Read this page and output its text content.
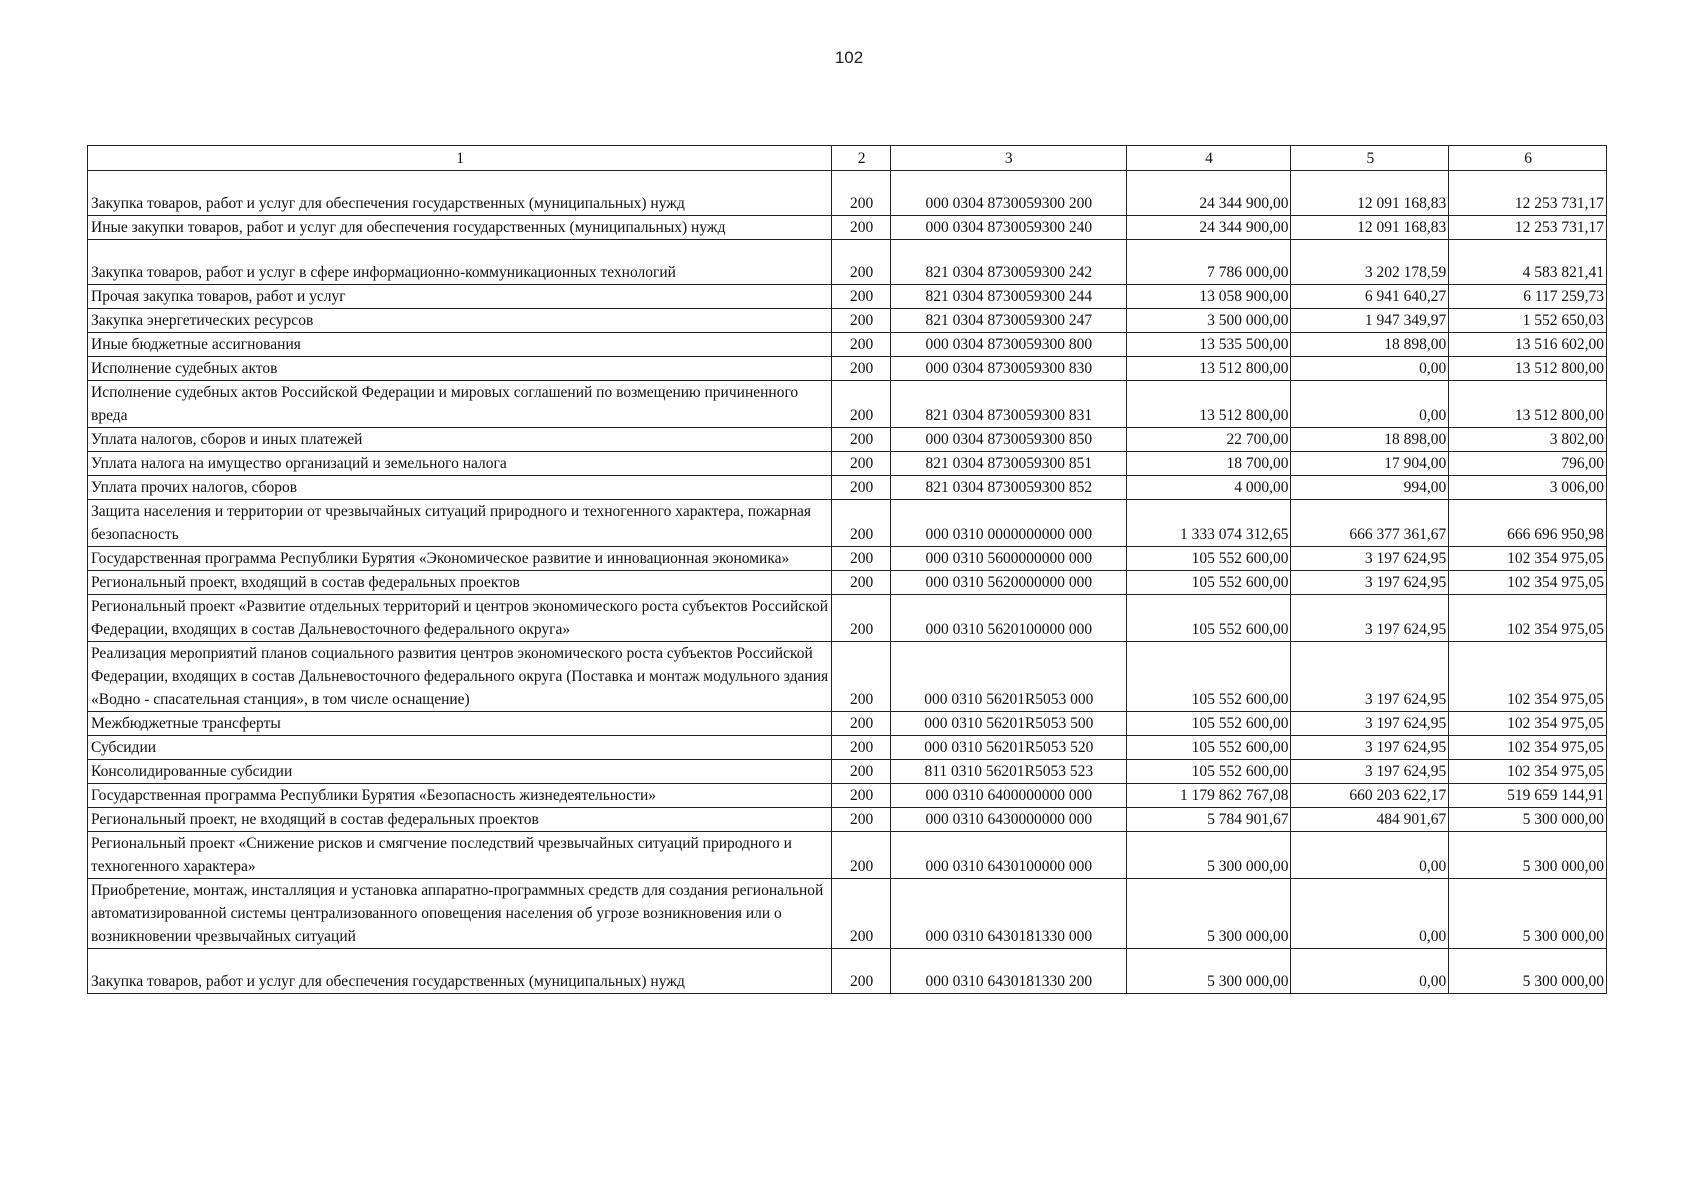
102
1	2	3	4	5	6
Закупка товаров, работ и услуг для обеспечения государственных (муниципальных) нужд	200	000 0304 8730059300 200	24 344 900,00	12 091 168,83	12 253 731,17
Иные закупки товаров, работ и услуг для обеспечения государственных (муниципальных) нужд	200	000 0304 8730059300 240	24 344 900,00	12 091 168,83	12 253 731,17
Закупка товаров, работ и услуг в сфере информационно-коммуникационных технологий	200	821 0304 8730059300 242	7 786 000,00	3 202 178,59	4 583 821,41
Прочая закупка товаров, работ и услуг	200	821 0304 8730059300 244	13 058 900,00	6 941 640,27	6 117 259,73
Закупка энергетических ресурсов	200	821 0304 8730059300 247	3 500 000,00	1 947 349,97	1 552 650,03
Иные бюджетные ассигнования	200	000 0304 8730059300 800	13 535 500,00	18 898,00	13 516 602,00
Исполнение судебных актов	200	000 0304 8730059300 830	13 512 800,00	0,00	13 512 800,00
Исполнение судебных актов Российской Федерации и мировых соглашений по возмещению причиненного вреда	200	821 0304 8730059300 831	13 512 800,00	0,00	13 512 800,00
Уплата налогов, сборов и иных платежей	200	000 0304 8730059300 850	22 700,00	18 898,00	3 802,00
Уплата налога на имущество организаций и земельного налога	200	821 0304 8730059300 851	18 700,00	17 904,00	796,00
Уплата прочих налогов, сборов	200	821 0304 8730059300 852	4 000,00	994,00	3 006,00
Защита населения и территории от чрезвычайных ситуаций природного и техногенного характера, пожарная безопасность	200	000 0310 0000000000 000	1 333 074 312,65	666 377 361,67	666 696 950,98
Государственная программа Республики Бурятия «Экономическое развитие и инновационная экономика»	200	000 0310 5600000000 000	105 552 600,00	3 197 624,95	102 354 975,05
Региональный проект, входящий в состав федеральных проектов	200	000 0310 5620000000 000	105 552 600,00	3 197 624,95	102 354 975,05
Региональный проект «Развитие отдельных территорий и центров экономического роста субъектов Российской Федерации, входящих в состав Дальневосточного федерального округа»	200	000 0310 5620100000 000	105 552 600,00	3 197 624,95	102 354 975,05
Реализация мероприятий планов социального развития центров экономического роста субъектов Российской Федерации, входящих в состав Дальневосточного федерального округа (Поставка и монтаж модульного здания «Водно - спасательная станция», в том числе оснащение)	200	000 0310 56201R5053 000	105 552 600,00	3 197 624,95	102 354 975,05
Межбюджетные трансферты	200	000 0310 56201R5053 500	105 552 600,00	3 197 624,95	102 354 975,05
Субсидии	200	000 0310 56201R5053 520	105 552 600,00	3 197 624,95	102 354 975,05
Консолидированные субсидии	200	811 0310 56201R5053 523	105 552 600,00	3 197 624,95	102 354 975,05
Государственная программа Республики Бурятия «Безопасность жизнедеятельности»	200	000 0310 6400000000 000	1 179 862 767,08	660 203 622,17	519 659 144,91
Региональный проект, не входящий в состав федеральных проектов	200	000 0310 6430000000 000	5 784 901,67	484 901,67	5 300 000,00
Региональный проект «Снижение рисков и смягчение последствий чрезвычайных ситуаций природного и техногенного характера»	200	000 0310 6430100000 000	5 300 000,00	0,00	5 300 000,00
Приобретение, монтаж, инсталляция и установка аппаратно-программных средств для создания региональной автоматизированной системы централизованного оповещения населения об угрозе возникновения или о возникновении чрезвычайных ситуаций	200	000 0310 6430181330 000	5 300 000,00	0,00	5 300 000,00
Закупка товаров, работ и услуг для обеспечения государственных (муниципальных) нужд	200	000 0310 6430181330 200	5 300 000,00	0,00	5 300 000,00
